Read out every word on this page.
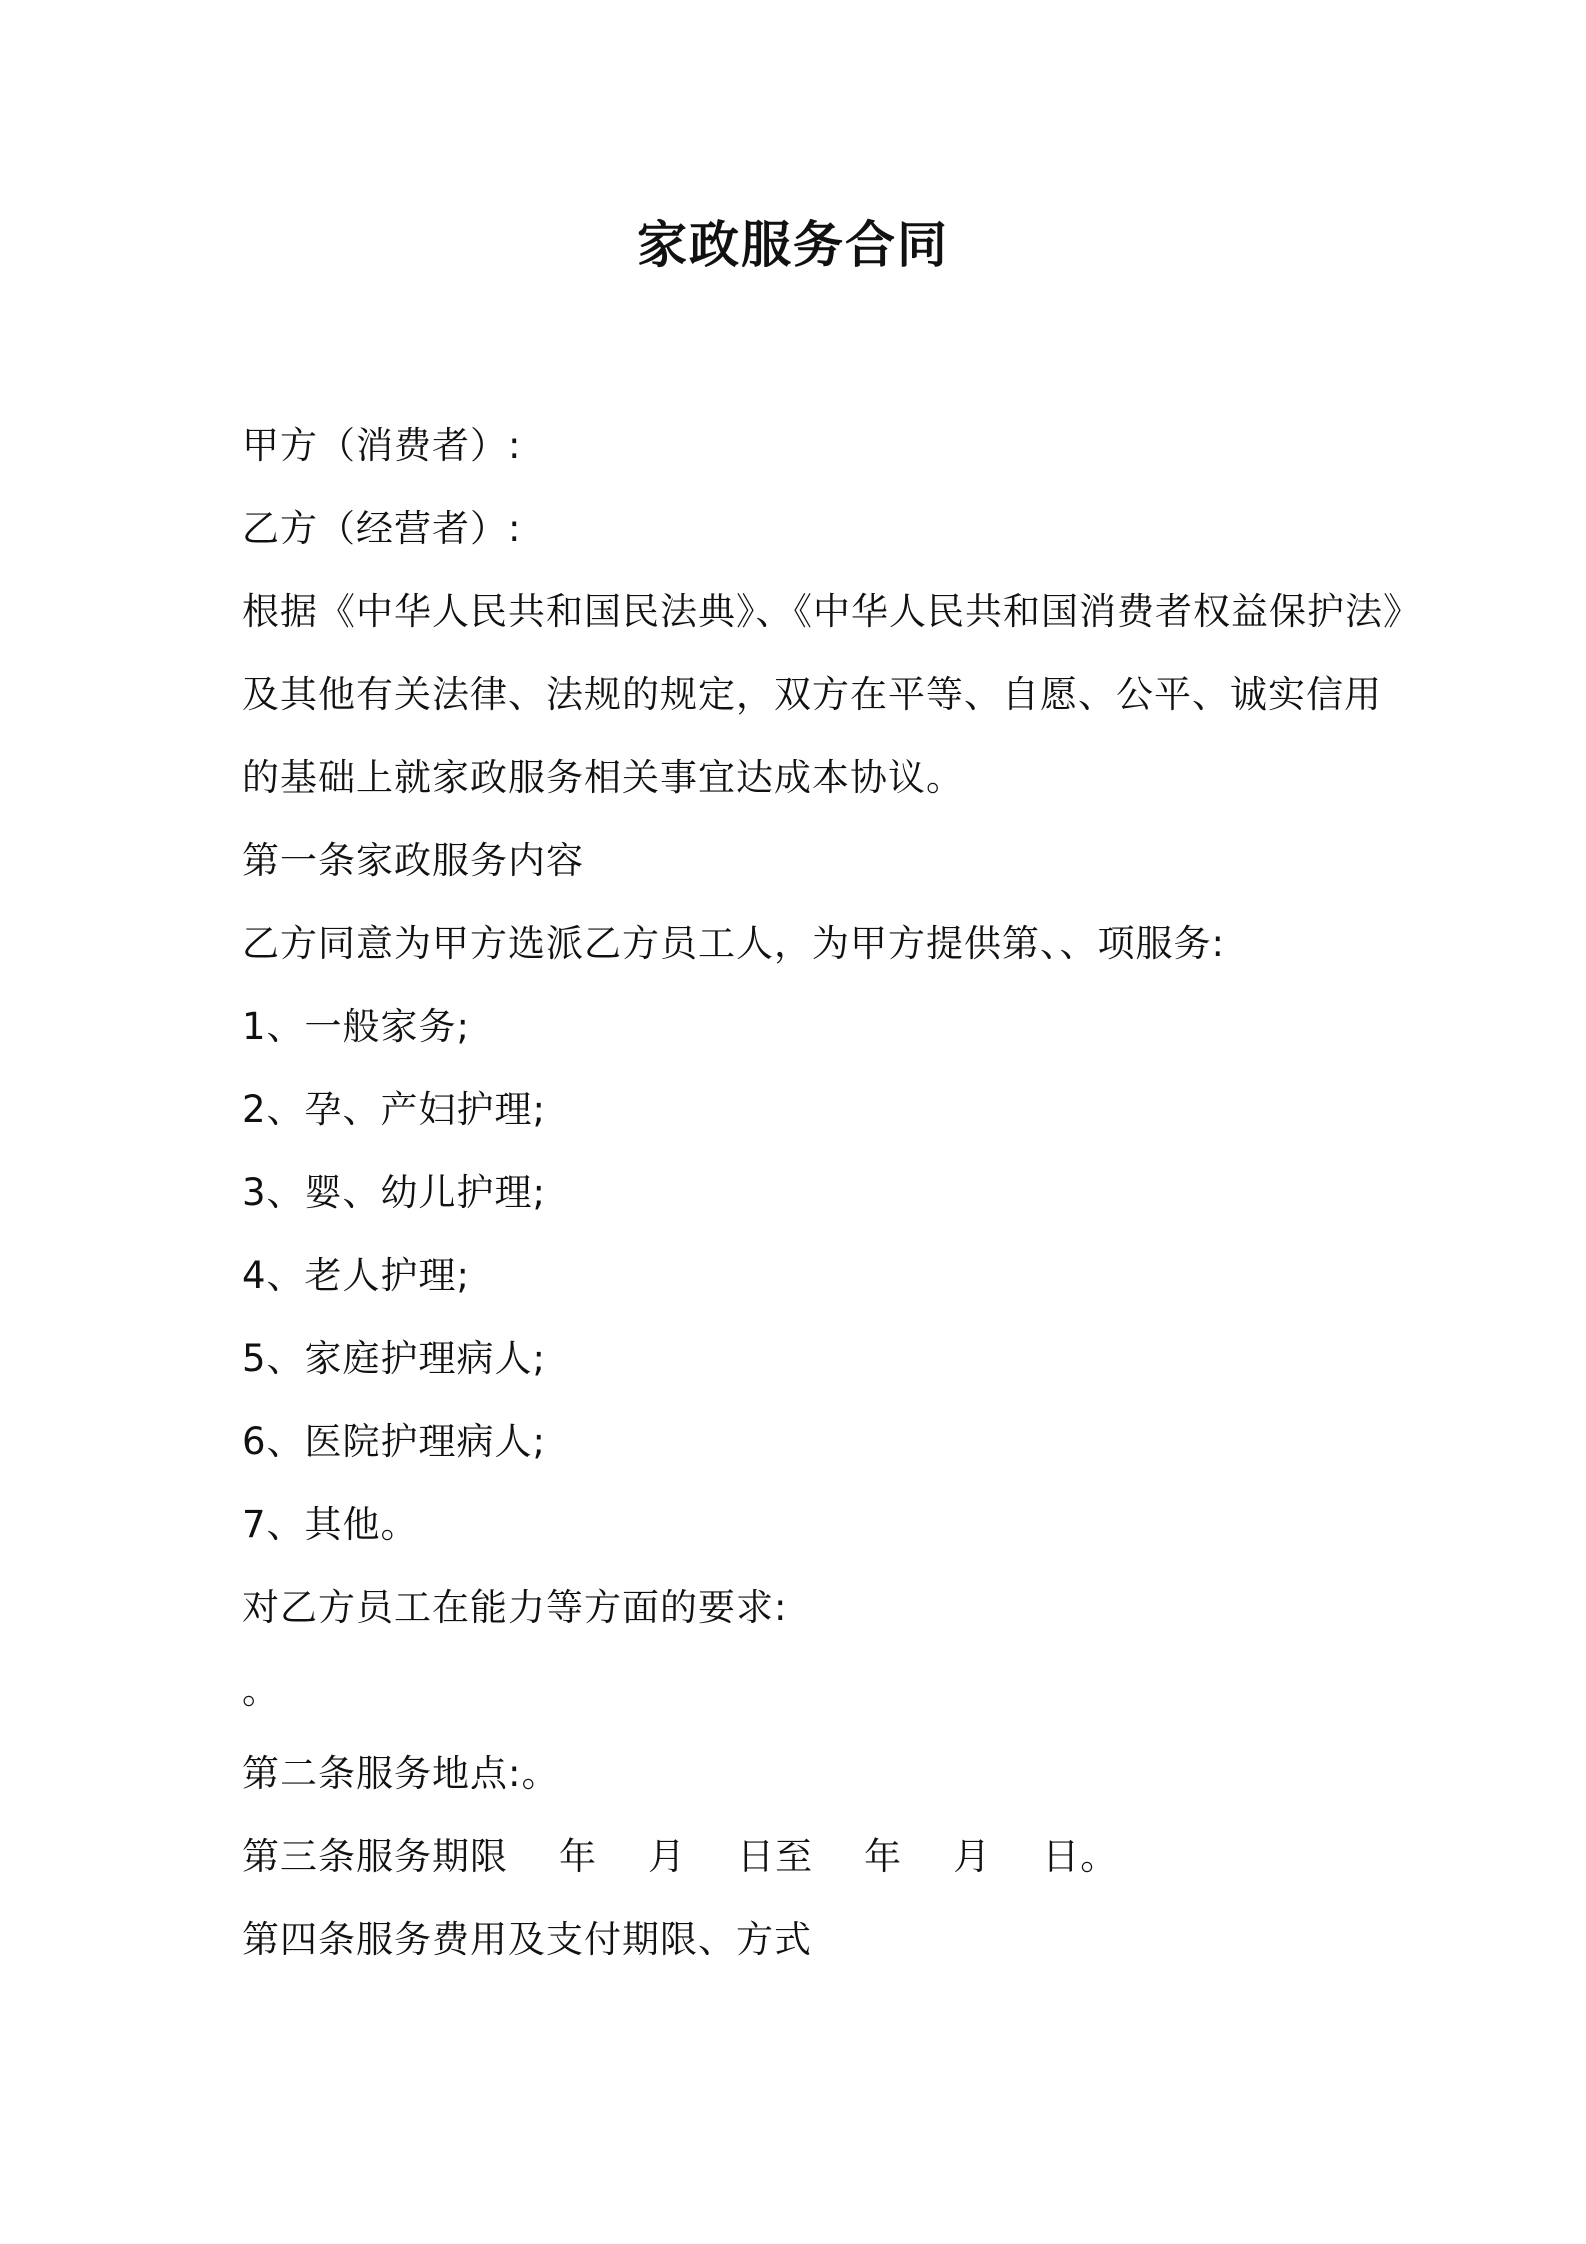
家政服务合同
甲方（消费者）:
乙方（经营者）:
根据《中华人民共和国民法典》、《中华人民共和国消费者权益保护法》
及其他有关法律、法规的规定，双方在平等、自愿、公平、诚实信用
的基础上就家政服务相关事宜达成本协议。
第一条家政服务内容
乙方同意为甲方选派乙方员工人，为甲方提供第、、项服务:
1、一般家务;
2、孕、产妇护理;
3、婴、幼儿护理;
4、老人护理;
5、家庭护理病人;
6、医院护理病人;
7、其他。
对乙方员工在能力等方面的要求:
。
第二条服务地点:。
第三条服务期限    年    月    日至    年    月    日。
第四条服务费用及支付期限、方式
